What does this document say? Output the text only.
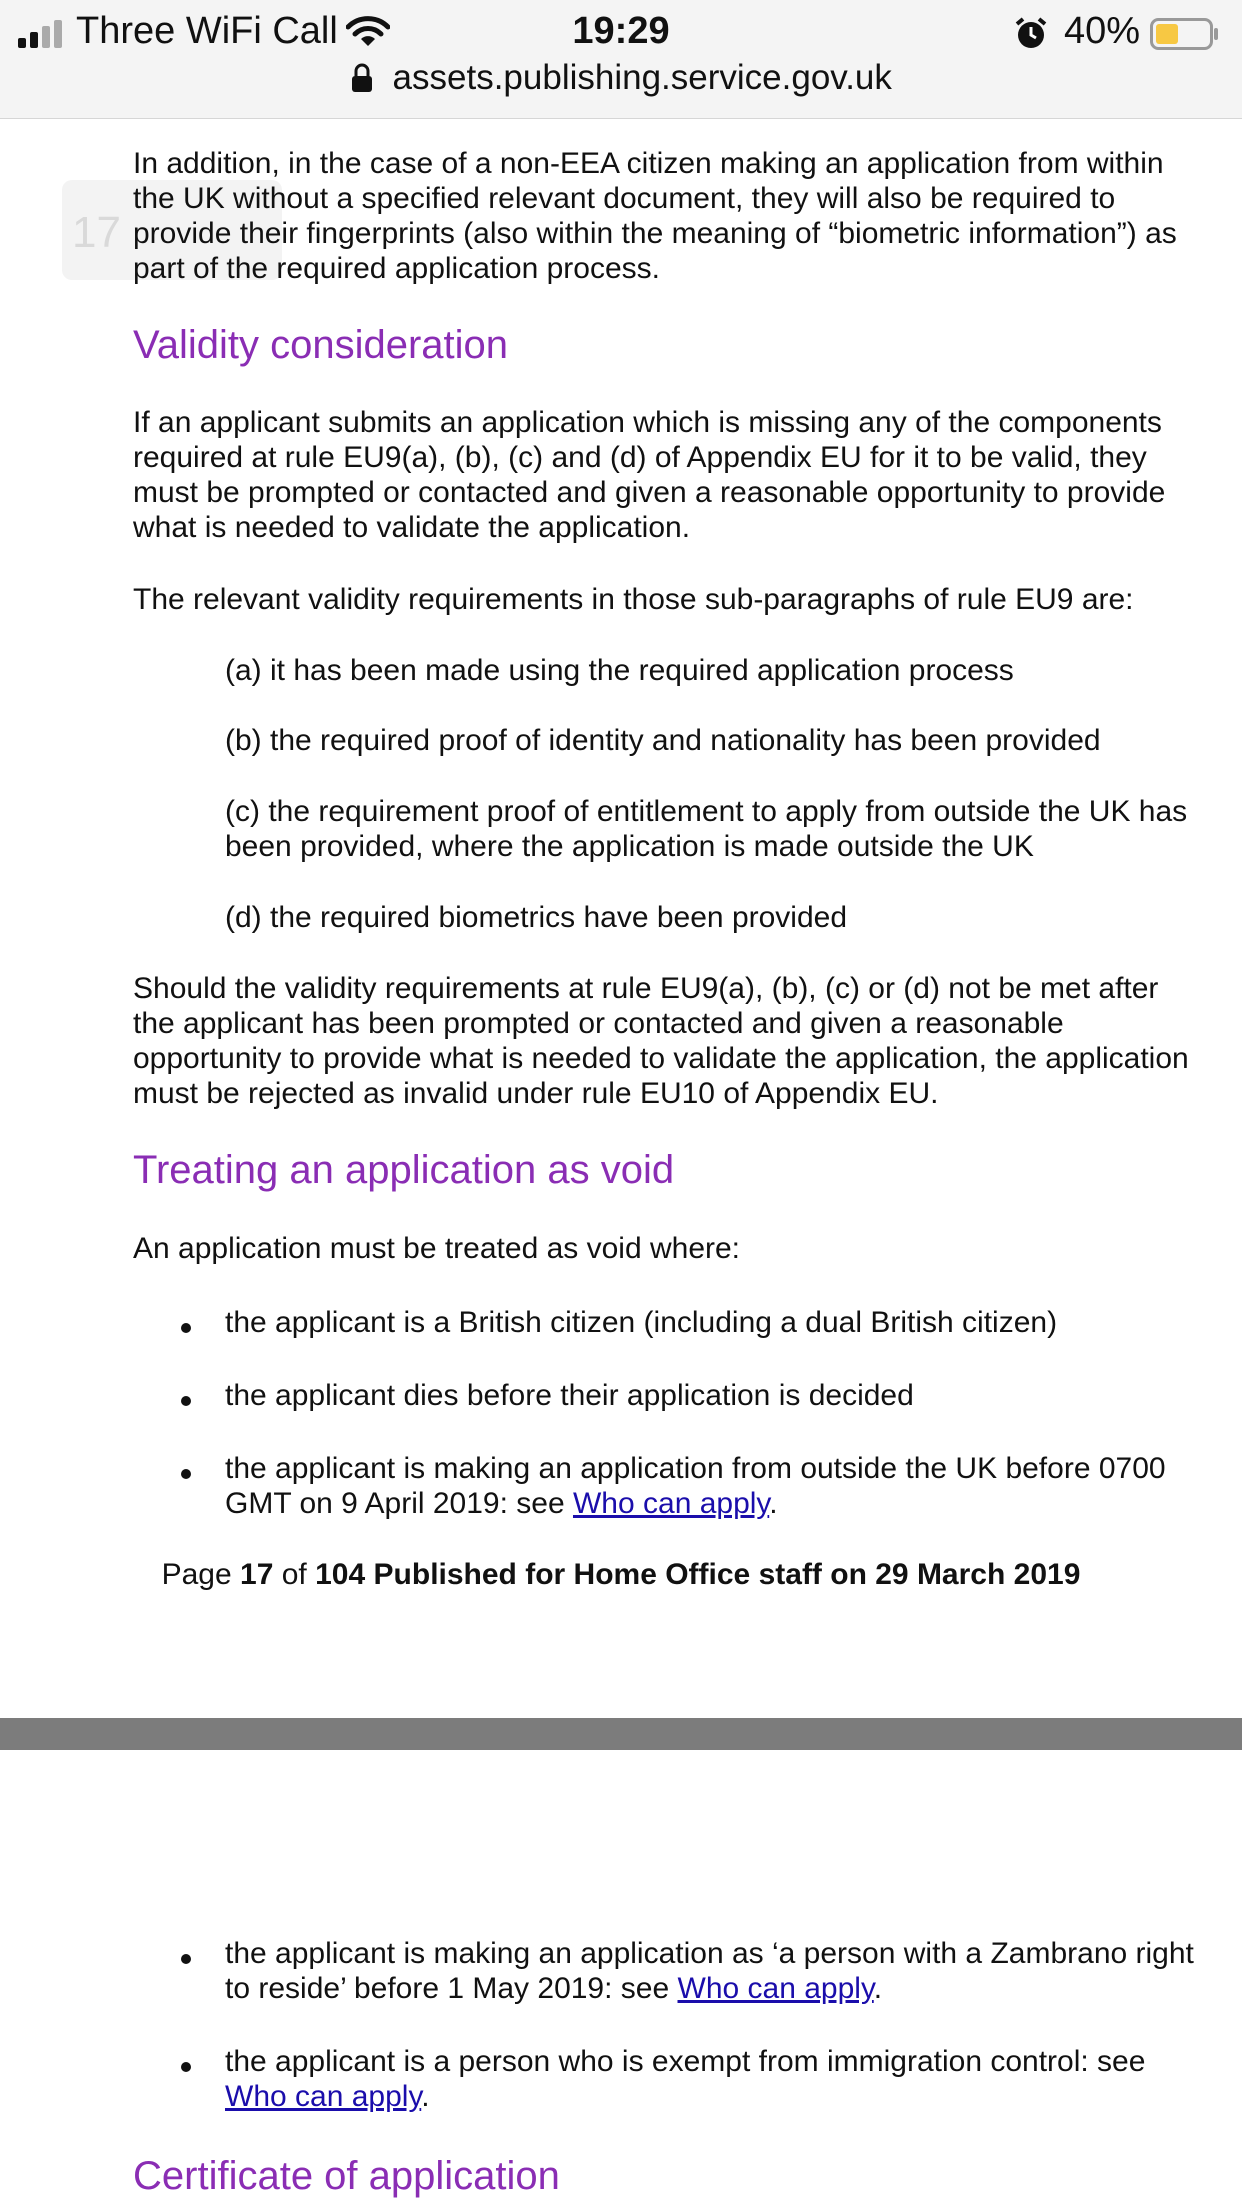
Three WiFi Call	19:29	40%
assets.publishing.service.gov.uk
17

In addition, in the case of a non-EEA citizen making an application from within the UK without a specified relevant document, they will also be required to provide their fingerprints (also within the meaning of “biometric information”) as part of the required application process.

Validity consideration

If an applicant submits an application which is missing any of the components required at rule EU9(a), (b), (c) and (d) of Appendix EU for it to be valid, they must be prompted or contacted and given a reasonable opportunity to provide what is needed to validate the application.

The relevant validity requirements in those sub-paragraphs of rule EU9 are:

(a) it has been made using the required application process

(b) the required proof of identity and nationality has been provided

(c) the requirement proof of entitlement to apply from outside the UK has been provided, where the application is made outside the UK

(d) the required biometrics have been provided

Should the validity requirements at rule EU9(a), (b), (c) or (d) not be met after the applicant has been prompted or contacted and given a reasonable opportunity to provide what is needed to validate the application, the application must be rejected as invalid under rule EU10 of Appendix EU.

Treating an application as void

An application must be treated as void where:

the applicant is a British citizen (including a dual British citizen)

the applicant dies before their application is decided

the applicant is making an application from outside the UK before 0700 GMT on 9 April 2019: see Who can apply.

Page 17 of 104 Published for Home Office staff on 29 March 2019

the applicant is making an application as ‘a person with a Zambrano right to reside’ before 1 May 2019: see Who can apply.

the applicant is a person who is exempt from immigration control: see Who can apply.

Certificate of application
